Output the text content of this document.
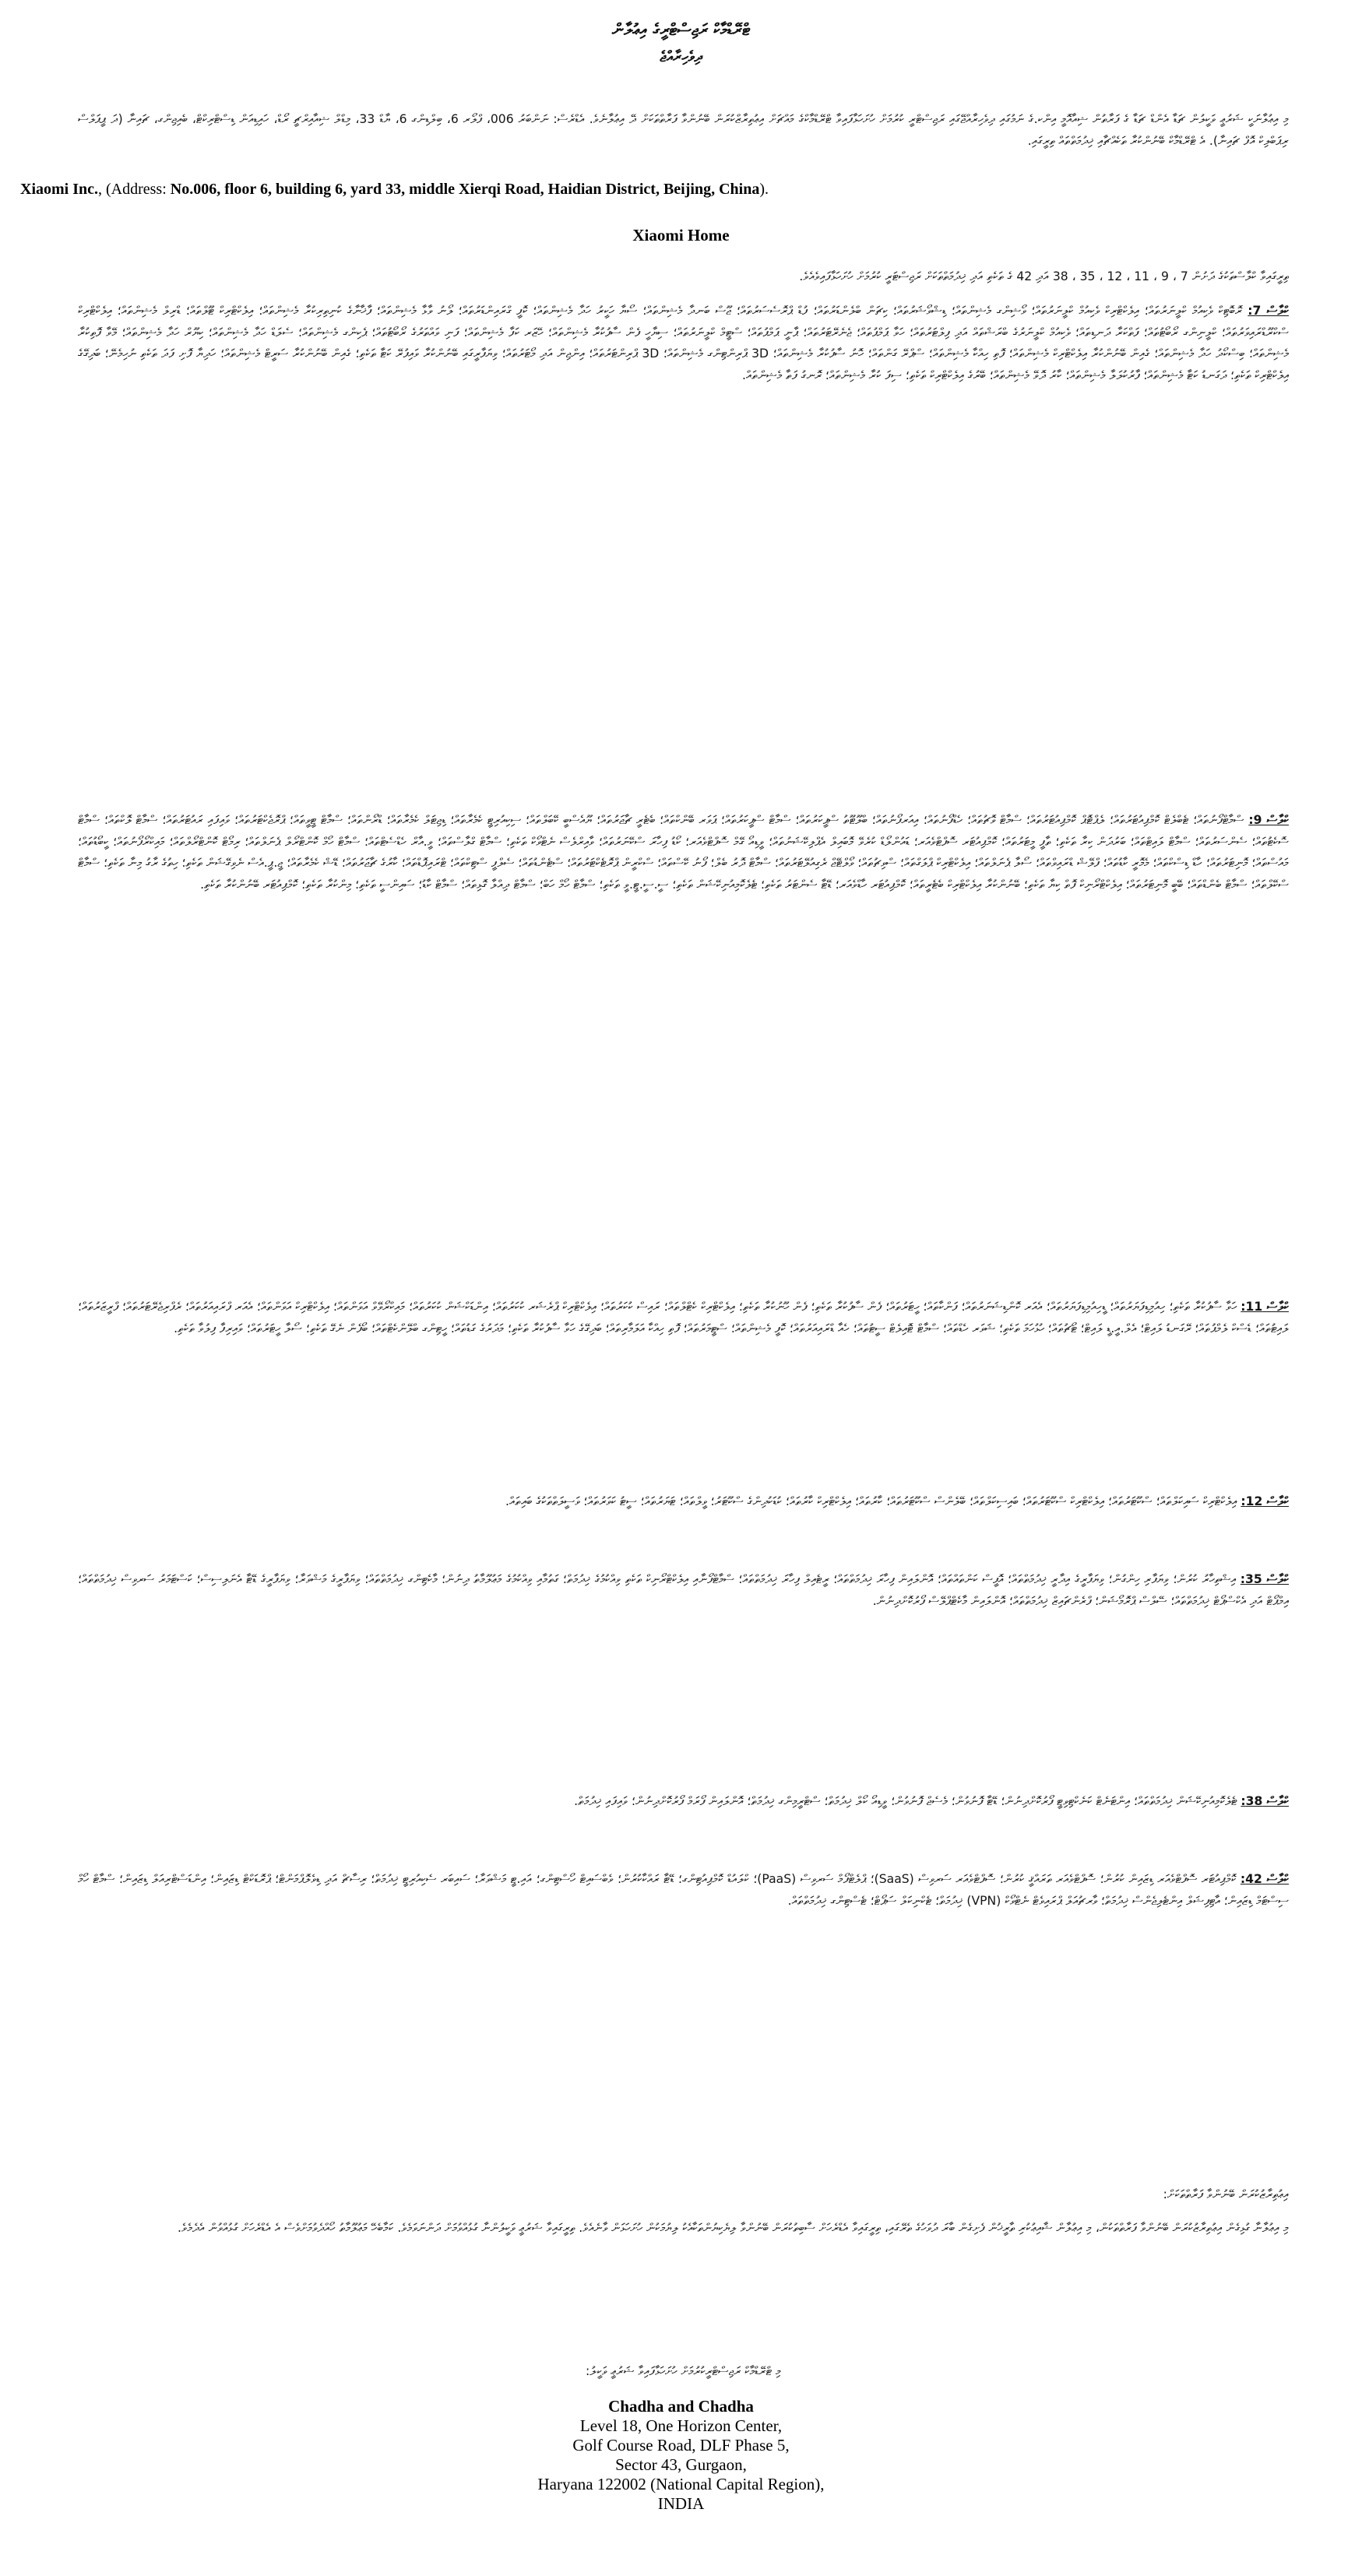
ޓްރޭޑްމާކް ރަޖިސްޓްރީގެ އިޢުލާން
ދިވެހިރާއްޖެ
މި އިޢުލާނަކީ ޝަރުޢީ ވަކީލުން ޗަޑާ އެންޑް ޗަޑާ ގެ ފަރާތުން ޝިއާއޮމީ އިންކ.ގެ ނަމުގައި ދިވެހިރާއްޖޭގައި ރަޖިސްޓްރީ ކުރުމަށް ހުށަހަޅާފައިވާ ޓްރޭޑްމާކްގެ މައްޗަށް އިޢުތިރާޒްކުރަން ބޭނުންވާ ފަރާތްތަކަށް ދޭ އިޢުލާނެވެ. އެޑްރެސް: ނަންބަރު 006، ފްލޯރ 6، ބިލްޑިންގ 6، ޔާޑް 33، މިޑްލް ޝިއާއިރްޗީ ރޯޑް، ހައިޑިއަން ޑިސްޓްރިކްޓް، ބެއިޖިންގ، ޗައިނާ (ދަ ޕީޕަލްސް ރިޕަބްލިކް އޮފް ޗައިނާ). އެ ޓްރޭޑްމާކް ބޭނުންކުރާ ތަކެއްޗާއި ޚިދުމަތްތައް ތިރީގައި.
Xiaomi Inc., (Address: No.006, floor 6, building 6, yard 33, middle Xierqi Road, Haidian District, Beijing, China).
Xiaomi Home
ތިރީގައިވާ ކްލާސްތަކުގެ ދަށުން 7 ، 9 ، 11 ، 12 ، 35 ، 38 އަދި 42 ގެ ތަކެތި އަދި ޚިދުމަތްތަކަށް ރަޖިސްޓަރީ ކުރުމަށް ހުށަހަޅާފައިވެއެވެ.
ކްލާސް 7: ރޮބޮޓިކް ވެކިއުމް ކްލީނަރުތައް؛ އިލެކްޓްރިކް ވެކިއުމް ކްލީނަރުތައް؛ ވޯޝިންގ މެޝިންތައް؛ ޑިޝްވޯޝަރުތައް؛ ކިޗަން ބްލެންޑަރުތައް؛ ފުޑް ޕްރޮސެސަރުތައް؛ ޖޫސް ބަނދާ މެޝިންތައް؛ ސޯޔާ ހަކީރު ހަދާ މެޝިންތައް؛ ކޮފީ ގްރައިންޑަރުތައް؛ ލޯނު ވާޅާ މެޝިންތައް؛ ފާޚާނާގެ ކުނިތިރިކުރާ މެޝިންތައް؛ އިލެކްޓްރިކް ޓޫލްތައް؛ ޑްރިލް މެޝިންތައް؛ އިލެކްޓްރިކް ސްކްރޫޑްރައިވަރުތައް؛ ކްލީނިންގ ރޯބޯޓުތައް؛ ފަތްކަރާ ދަނޑިތައް؛ ވެކިއުމް ކްލީނަރުގެ ބްރަޝްތައް އަދި ފިލްޓަރުތައް؛ ހަވާ ޕަމްޕުތައް؛ ޖެނެރޭޓަރުތައް؛ ޕާނީ ޕަމްޕުތައް؛ ސްޓީމް ކްލީނަރުތައް؛ ސިޔާހީ ފެން ސާފުކުރާ މެޝިންތައް؛ ހޭޒަރ ކަފާ މެޝިންތައް؛ ފަނި ވައްތަރުގެ ރޯބޯޓުތައް؛ ޕެކިންގ މެޝިންތައް؛ ސެލަޑް ހަދާ މެޝިންތައް؛ ކިޔޫރް ހަދާ މެޝިންތައް؛ މޭވާ ފޮތިކުރާ މެޝިންތައް؛ ބިސްކޯދު ހަދާ މެޝިންތައް؛ ގެއިން ބޭނުންކުރާ އިލެކްޓްރިކް މެޝިންތައް؛ ފޮތި ހިއްކާ މެޝިންތައް؛ ސްޕްރޭ ގަންތައް؛ ހޮނު ސާފުކުރާ މެޝިންތައް؛ 3D ޕްރިންޓިންގ މެޝިންތައް؛ 3D ޕްރިންޓަރުތައް؛ އިންޖިން އަދި މޯޓަރުތައް؛ ވިޔަފާރީގައި ބޭނުންކުރާ ވައިފުރޭ ކަޓާ ތަކެތި؛ ގެއިން ބޭނުންކުރާ ސަރީޓް މެޝިންތައް؛ ހަދިޔާ ފޮށި ފަދަ ތަކެތި ނުހިމެނޭ؛ ބަދިގޭގެ އިލެކްޓްރިކް ތަކެތި؛ ދަގަނޑު ކަޓާ މެޝިންތައް؛ ފާރުކުލަލާ މެޝިންތައް؛ ކާރު ދޮވޭ މެޝިންތައް؛ ބޭރުގެ އިލެކްޓްރިކް ތަކެތި؛ ސިފަ ކުރާ މެޝިންތައް؛ ރޮނގު ފަތާ މެޝިންތައް.
ކްލާސް 9: ސްމާޓްފޯނުތައް؛ ޓެބްލެޓް ކޮމްޕިއުޓަރުތައް؛ ލެޕްޓޮޕް ކޮމްޕިއުޓަރުތައް؛ ސްމާޓް ވޮޗުތައް؛ ހެޑްފޯނުތައް؛ އިއަރފޯނުތައް؛ ބްލޫޓޫތު ސްޕީކަރުތައް؛ ސްމާޓް ސްޕީކަރުތައް؛ ޕަވަރ ބޭންކްތައް؛ ބެޓެރީ ޗާޖަރުތައް؛ ޔޫއެސްބީ ކޭބަލްތައް؛ ސިކިއުރިޓީ ކެމެރާތައް؛ ޑިޖިޓަލް ކެމެރާތައް؛ ޑްރޯންތައް؛ ސްމާޓް ޓީވީތައް؛ ޕްރޮޖެކްޓަރުތައް؛ ވައިފައި ރައުޓަރުތައް؛ ސްމާޓް ލޮކްތައް؛ ސްމާޓް ސޮކެޓުތައް؛ ސެންސަރުތައް؛ ސްމާޓް ލައިޓްތައް؛ ބަރުދަން ކިރާ ތަކެތި؛ ތާފީ މީޓަރުތައް؛ ކޮމްޕިއުޓަރ ސޮފްޓްވެއަރ؛ ޑައުންލޯޑް ކުރެވޭ މޮބައިލް އެޕްލިކޭޝަނުތައް؛ ވީޑިއޯ ގޭމް ސޮފްޓްވެއަރ؛ ކޯޑު ފިހާރަ ސްކޭނަރުތައް؛ ވާއިރްލެސް ނެޓްވޯކް ތަކެތި؛ ސްމާޓް ގްލާސްތައް؛ ވީ.އާރް ހެޑްސެޓްތައް؛ ސްމާޓް ހޯމް ކޮންޓްރޯލް ޕެނަލްތައް؛ ރިމޯޓް ކޮންޓްރޯލްތައް؛ މައިކްރޯފޯނުތައް؛ ކީބޯޑުތައް؛ މައުސްތައް؛ މޮނިޓަރުތައް؛ ހާޑް ޑިސްކްތައް؛ މެމޮރީ ކާޑުތައް؛ ފްލޭޝް ޑްރައިވްތައް؛ ސޯލާ ޕެނަލްތައް؛ އިލެކްޓްރިކް ޕްލަގްތައް؛ ސްވިޗުތައް؛ ވޯލްޓޭޖް ރެގިއުލޭޓަރުތައް؛ ސްމާޓް ދޮރު ބެލް؛ ފޯނު ކޭސްތައް؛ ސްކްރީން ޕްރޮޓެކްޓަރުތައް؛ ސްޓެންޑުތައް؛ ސެލްފީ ސްޓިކްތައް؛ ޓްރައިޕޮޑްތައް؛ ކާރުގެ ޗާޖަރުތައް؛ ޑޭޝް ކެމެރާތައް؛ ޖީ.ޕީ.އެސް ނެވިގޭޝަން ތަކެތި؛ ހިތުގެ ރާގު މިނާ ތަކެތި؛ ސްމާޓް ސްކޭލްތައް؛ ސްމާޓް ބެންޑްތައް؛ ބޭބީ މޮނިޓަރުތައް؛ އިލެކްޓްރޯނިކް ފޮތް ކިޔާ ތަކެތި؛ ބޭނުންކުރާ އިލެކްޓްރިކް ބެޓެރީތައް؛ ކޮމްޕިއުޓަރ ހާޑްވެއަރ؛ ޑޭޓާ ސެންޓަރު ތަކެތި؛ ޓެލެކޮމިއުނިކޭޝަން ތަކެތި؛ ސީ.ސީ.ޓީ.ވީ ތަކެތި؛ ސްމާޓް ހޯމް ހަބް؛ ސްމާޓް ދިއްލާ ގޮޅިތައް؛ ސްމާޓް ކާޑު؛ ސައިންސީ ތަކެތި؛ މިންކުރާ ތަކެތި؛ ކޮމްޕިއުޓަރ ބޭނުންކުރާ ތަކެތި.
ކްލާސް 11: ހަވާ ސާފުކުރާ ތަކެތި؛ ހިއުމިޑިފަޔަރުތައް؛ ޑީހިއުމިޑިފަޔަރުތައް؛ އެއަރ ކޮންޑިޝަނަރުތައް؛ ފަންކާތައް؛ ހީޓަރުތައް؛ ފެން ސާފުކުރާ ތަކެތި؛ ފެން ހޫނުކުރާ ތަކެތި؛ އިލެކްޓްރިކް ކެޓްލްތައް؛ ރައިސް ކުކަރުތައް؛ އިލެކްޓްރިކް ޕްރެޝަރ ކުކަރުތައް؛ އިންޑަކްޝަން ކުކަރުތައް؛ މައިކްރޯވޭވް އަވަންތައް؛ އިލެކްޓްރިކް އަވަންތައް؛ އެއަރ ފްރައިއަރުތައް؛ ރެފްރިޖެރޭޓަރުތައް؛ ފްރީޒަރުތައް؛ ލައިޓުތައް؛ ޑެސްކް ލެމްޕުތައް؛ ރޭގަނޑު ލައިޓް؛ އެލް.އީ.ޑީ ލައިޓް؛ ޓޯޗުތައް؛ ހުޅުހަމަ ތަކެތި؛ ޝަވަރ ހެޑްތައް؛ ސްމާޓް ޓޮއިލެޓް ސީޓުތައް؛ ހެއާ ޑްރައިއަރުތައް؛ ކޮފީ މެޝިންތައް؛ ސްޓީމަރުތައް؛ ފޮތި ހިއްކާ އަލަމާރިތައް؛ ބަދިގޭގެ ހަވާ ސާފުކުރާ ތަކެތި؛ މަދަރުގެ ގަޑުތައް؛ ހީޓިންގ ބްލޭންކެޓްތައް؛ ބޯފެން ނެގޭ ތަކެތި؛ ސޯލާ ހީޓަރުތައް؛ ވައިރިފާ ފިލުވާ ތަކެތި.
ކްލާސް 12: އިލެކްޓްރިކް ސައިކަލްތައް؛ ސްކޫޓަރުތައް؛ އިލެކްޓްރިކް ސްކޫޓަރުތައް؛ ބައިސިކަލްތައް؛ ބޭލެންސް ސްކޫޓަރުތައް؛ ކާރުތައް؛ އިލެކްޓްރިކް ކާރުތައް؛ ކުޑަކުދިންގެ ސްކޫޓަރު؛ ވީލްތައް؛ ޓަޔަރުތައް؛ ސީޓު ކަވަރުތައް؛ ވަސީލަތްތަކުގެ ބައިތައް.
ކްލާސް 35: އިޝްތިހާރު ކުރުން؛ ވިޔަފާރި ހިންގުން؛ ވިޔަފާރީގެ އިދާރީ ޚިދުމަތްތައް؛ އޮފީސް ކަންތައްތައް؛ އޮންލައިން ފިހާރަ ޚިދުމަތްތައް؛ ރީޓެއިލް ފިހާރަ ޚިދުމަތްތައް؛ ސްމާޓްފޯނާއި އިލެކްޓްރޯނިކް ތަކެތި ވިއްކުމުގެ ޚިދުމަތް؛ ގަތުމާއި ވިއްކުމުގެ މަޢުލޫމާތު ދިނުން؛ މާކެޓިންގ ޚިދުމަތްތައް؛ ވިޔަފާރީގެ މަޝްވަރާ؛ ވިޔަފާރީގެ ޑޭޓާ އެނަލިސިސް؛ ކަސްޓަމަރު ސަރވިސް ޚިދުމަތްތައް؛ އިމްޕޯޓް އަދި އެކްސްޕޯޓް ޚިދުމަތްތައް؛ ސޭލްސް ޕްރޮމޯޝަން؛ ފްރެންޗައިޒް ޚިދުމަތްތައް؛ އޮންލައިން މާކެޓްޕްލޭސް ފޯރުކޮށްދިނުން.
ކްލާސް 38: ޓެލެކޮމިއުނިކޭޝަން ޚިދުމަތްތައް؛ އިންޓަނެޓް ކަނެކްޓިވިޓީ ފޯރުކޮށްދިނުން؛ ޑޭޓާ ފޮނުވުން؛ މެސެޖް ފޮނުވުން؛ ވީޑިއޯ ކޯލް ޚިދުމަތް؛ ސްޓްރީމިންގ ޚިދުމަތް؛ އޮންލައިން ފޯރަމް ފޯރުކޮށްދިނުން؛ ވައިފައި ޚިދުމަތް.
ކްލާސް 42: ކޮމްޕިއުޓަރ ސޮފްޓްވެއަރ ޑިޒައިން ކުރުން؛ ސޮފްޓްވެއަރ ތަރައްޤީ ކުރުން؛ ސޮފްޓްވެއަރ ސަރވިސް (SaaS)؛ ޕްލެޓްފޯމް ސަރވިސް (PaaS)؛ ކްލައުޑް ކޮމްޕިއުޓިންގ؛ ޑޭޓާ ރައްކާކުރުން؛ ވެބްސައިޓް ހޯސްޓިންގ؛ އައި.ޓީ މަޝްވަރާ؛ ސައިބަރ ސެކިއުރިޓީ ޚިދުމަތް؛ ރިސާޗް އަދި ޑިވެލޮޕްމަންޓް؛ ޕްރޮޑަކްޓް ޑިޒައިން؛ އިންޑަސްޓްރިއަލް ޑިޒައިން؛ ސްމާޓް ހޯމް ސިސްޓަމް ޑިޒައިން؛ އާޓިފިޝަލް އިންޓެލިޖެންސް ޚިދުމަތް؛ ވާރޗުއަލް ޕްރައިވެޓް ނެޓްވޯކް (VPN) ޚިދުމަތް؛ ޓެކްނިކަލް ސަޕޯޓް؛ ޓެސްޓިންގ ޚިދުމަތްތައް.
އިޢުތިރާޒުކުރަން ބޭނުންވާ ފަރާތްތަކަށް:
މި އިޢުލާނާ ގުޅިގެން އިޢުތިރާޒުކުރަން ބޭނުންވާ ފަރާތްތަކުން، މި އިޢުލާން ޝާއިޢުކުރި ތާރީޚުން ފެށިގެން ބާރަ ދުވަހުގެ ތެރޭގައި، ތިރީގައިވާ އެޑްރެހަށް ސާބިތުކުރަން ބޭނުންވާ ލިޔެކިޔުންތަކާއެކު ލިޔުމަކުން ހުށަހަޅަން ވާނެއެވެ. ތިރީގައިވާ ޝަރުޢީ ވަކީލުންނާ ގުޅުއްވުމަށް ދަންނަވަމެވެ. ކަމާބެހޭ މަޢުލޫމާތު ހޯއްދެވުމަށްވެސް އެ އެޑްރެހަށް ގުޅުއްވުން އެދެމެވެ.
މި ޓްރޭޑްމާކް ރަޖިސްޓްރީކުރުމަށް ހުށަހަޅާފައިވާ ޝަރުޢީ ވަކީލު:
Chadha and Chadha
Level 18, One Horizon Center,
Golf Course Road, DLF Phase 5,
Sector 43, Gurgaon,
Haryana 122002 (National Capital Region),
INDIA
